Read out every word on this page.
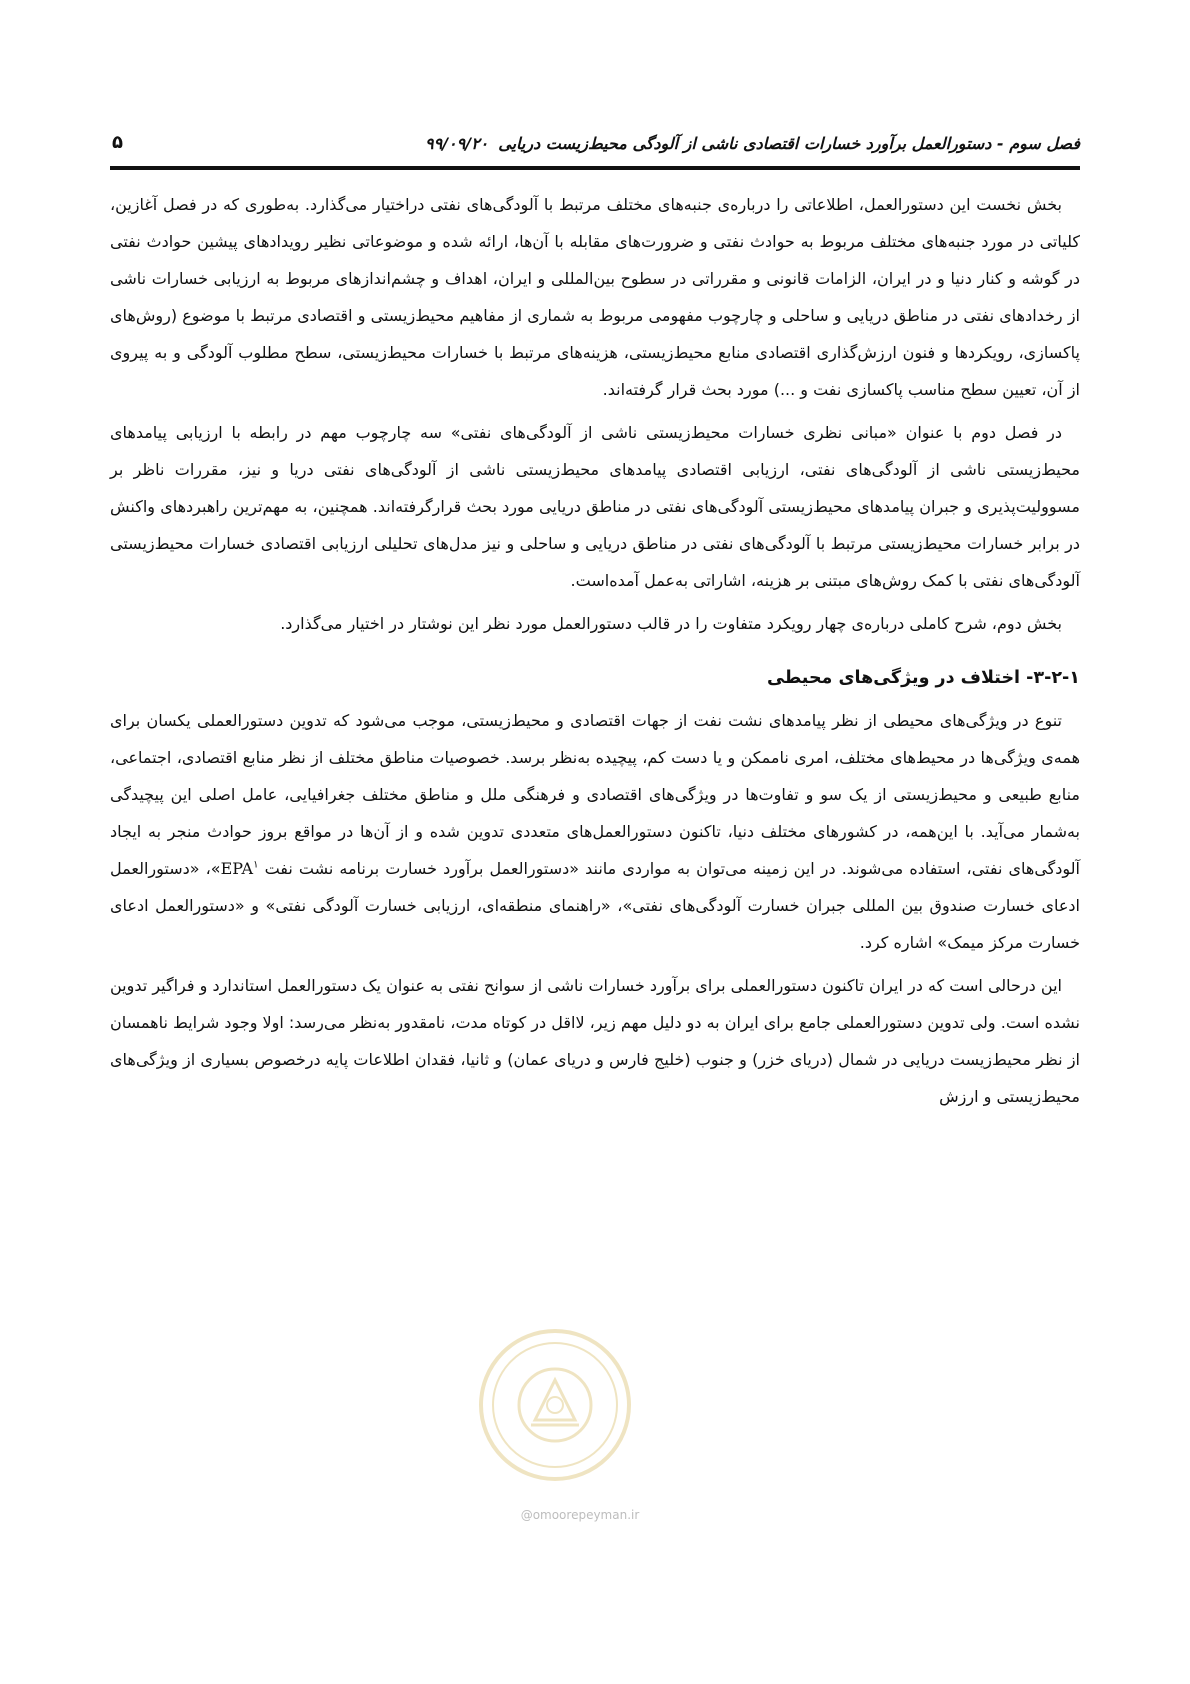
فصل سوم - دستورالعمل برآورد خسارات اقتصادی ناشی از آلودگی محیط‌زیست دریایی۹۹/۰۹/۲۰
۵

بخش نخست این دستورالعمل، اطلاعاتی را درباره‌ی جنبه‌های مختلف مرتبط با آلودگی‌های نفتی دراختیار می‌گذارد. به‌طوری که در فصل آغازین، کلیاتی در مورد جنبه‌های مختلف مربوط به حوادث نفتی و ضرورت‌های مقابله با آن‌ها، ارائه شده و موضوعاتی نظیر رویدادهای پیشین حوادث نفتی در گوشه و کنار دنیا و در ایران، الزامات قانونی و مقرراتی در سطوح بین‌المللی و ایران، اهداف و چشم‌اندازهای مربوط به ارزیابی خسارات ناشی از رخدادهای نفتی در مناطق دریایی و ساحلی و چارچوب مفهومی مربوط به شماری از مفاهیم محیط‌زیستی و اقتصادی مرتبط با موضوع (روش‌های پاکسازی، رویکردها و فنون ارزش‌گذاری اقتصادی منابع محیط‌زیستی، هزینه‌های مرتبط با خسارات محیط‌زیستی، سطح مطلوب آلودگی و به پیروی از آن، تعیین سطح مناسب پاکسازی نفت و ...) مورد بحث قرار گرفته‌اند.

در فصل دوم با عنوان «مبانی نظری خسارات محیط‌زیستی ناشی از آلودگی‌های نفتی» سه چارچوب مهم در رابطه با ارزیابی پیامدهای محیط‌زیستی ناشی از آلودگی‌های نفتی، ارزیابی اقتصادی پیامدهای محیط‌زیستی ناشی از آلودگی‌های نفتی دریا و نیز، مقررات ناظر بر مسوولیت‌پذیری و جبران پیامدهای محیط‌زیستی آلودگی‌های نفتی در مناطق دریایی مورد بحث قرارگرفته‌اند. همچنین، به مهم‌ترین راهبردهای واکنش در برابر خسارات محیط‌زیستی مرتبط با آلودگی‌های نفتی در مناطق دریایی و ساحلی و نیز مدل‌های تحلیلی ارزیابی اقتصادی خسارات محیط‌زیستی آلودگی‌های نفتی با کمک روش‌های مبتنی بر هزینه، اشاراتی به‌عمل آمده‌است.

بخش دوم، شرح کاملی درباره‌ی چهار رویکرد متفاوت را در قالب دستورالعمل مورد نظر این نوشتار در اختیار می‌گذارد.

۳-۲-۱- اختلاف در ویژگی‌های محیطی

تنوع در ویژگی‌های محیطی از نظر پیامدهای نشت نفت از جهات اقتصادی و محیط‌زیستی، موجب می‌شود که تدوین دستورالعملی یکسان برای همه‌ی ویژگی‌ها در محیط‌های مختلف، امری ناممکن و یا دست کم، پیچیده به‌نظر برسد. خصوصیات مناطق مختلف از نظر منابع اقتصادی، اجتماعی، منابع طبیعی و محیط‌زیستی از یک سو و تفاوت‌ها در ویژگی‌های اقتصادی و فرهنگی ملل و مناطق مختلف جغرافیایی، عامل اصلی این پیچیدگی به‌شمار می‌آید. با این‌همه، در کشورهای مختلف دنیا، تاکنون دستورالعمل‌های متعددی تدوین شده و از آن‌ها در مواقع بروز حوادث منجر به ایجاد آلودگی‌های نفتی، استفاده می‌شوند. در این زمینه می‌توان به مواردی مانند «دستورالعمل برآورد خسارت برنامه نشت نفت EPA$^۱$»، «دستورالعمل ادعای خسارت صندوق بین المللی جبران خسارت آلودگی‌های نفتی»، «راهنمای منطقه‌ای، ارزیابی خسارت آلودگی نفتی» و «دستورالعمل ادعای خسارت مرکز میمک» اشاره کرد.

این درحالی است که در ایران تاکنون دستورالعملی برای برآورد خسارات ناشی از سوانح نفتی به عنوان یک دستورالعمل استاندارد و فراگیر تدوین نشده است. ولی تدوین دستورالعملی جامع برای ایران به دو دلیل مهم زیر، لااقل در کوتاه مدت، نامقدور به‌نظر می‌رسد: اولا وجود شرایط ناهمسان از نظر محیط‌زیست دریایی در شمال (دریای خزر) و جنوب (خلیج فارس و دریای عمان) و ثانیا، فقدان اطلاعات پایه درخصوص بسیاری از ویژگی‌های محیط‌زیستی و ارزش

@omoorepeyman.ir
